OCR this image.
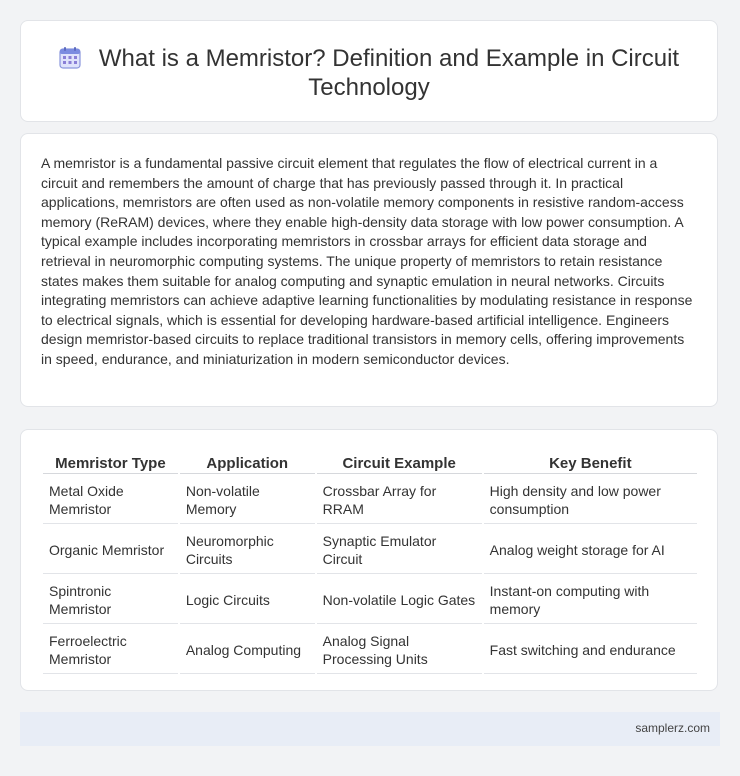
What is a Memristor? Definition and Example in Circuit Technology

A memristor is a fundamental passive circuit element that regulates the flow of electrical current in a circuit and remembers the amount of charge that has previously passed through it. In practical applications, memristors are often used as non-volatile memory components in resistive random-access memory (ReRAM) devices, where they enable high-density data storage with low power consumption. A typical example includes incorporating memristors in crossbar arrays for efficient data storage and retrieval in neuromorphic computing systems. The unique property of memristors to retain resistance states makes them suitable for analog computing and synaptic emulation in neural networks. Circuits integrating memristors can achieve adaptive learning functionalities by modulating resistance in response to electrical signals, which is essential for developing hardware-based artificial intelligence. Engineers design memristor-based circuits to replace traditional transistors in memory cells, offering improvements in speed, endurance, and miniaturization in modern semiconductor devices.

Memristor Type	Application	Circuit Example	Key Benefit
Metal Oxide Memristor	Non-volatile Memory	Crossbar Array for RRAM	High density and low power consumption
Organic Memristor	Neuromorphic Circuits	Synaptic Emulator Circuit	Analog weight storage for AI
Spintronic Memristor	Logic Circuits	Non-volatile Logic Gates	Instant-on computing with memory
Ferroelectric Memristor	Analog Computing	Analog Signal Processing Units	Fast switching and endurance
samplerz.com
